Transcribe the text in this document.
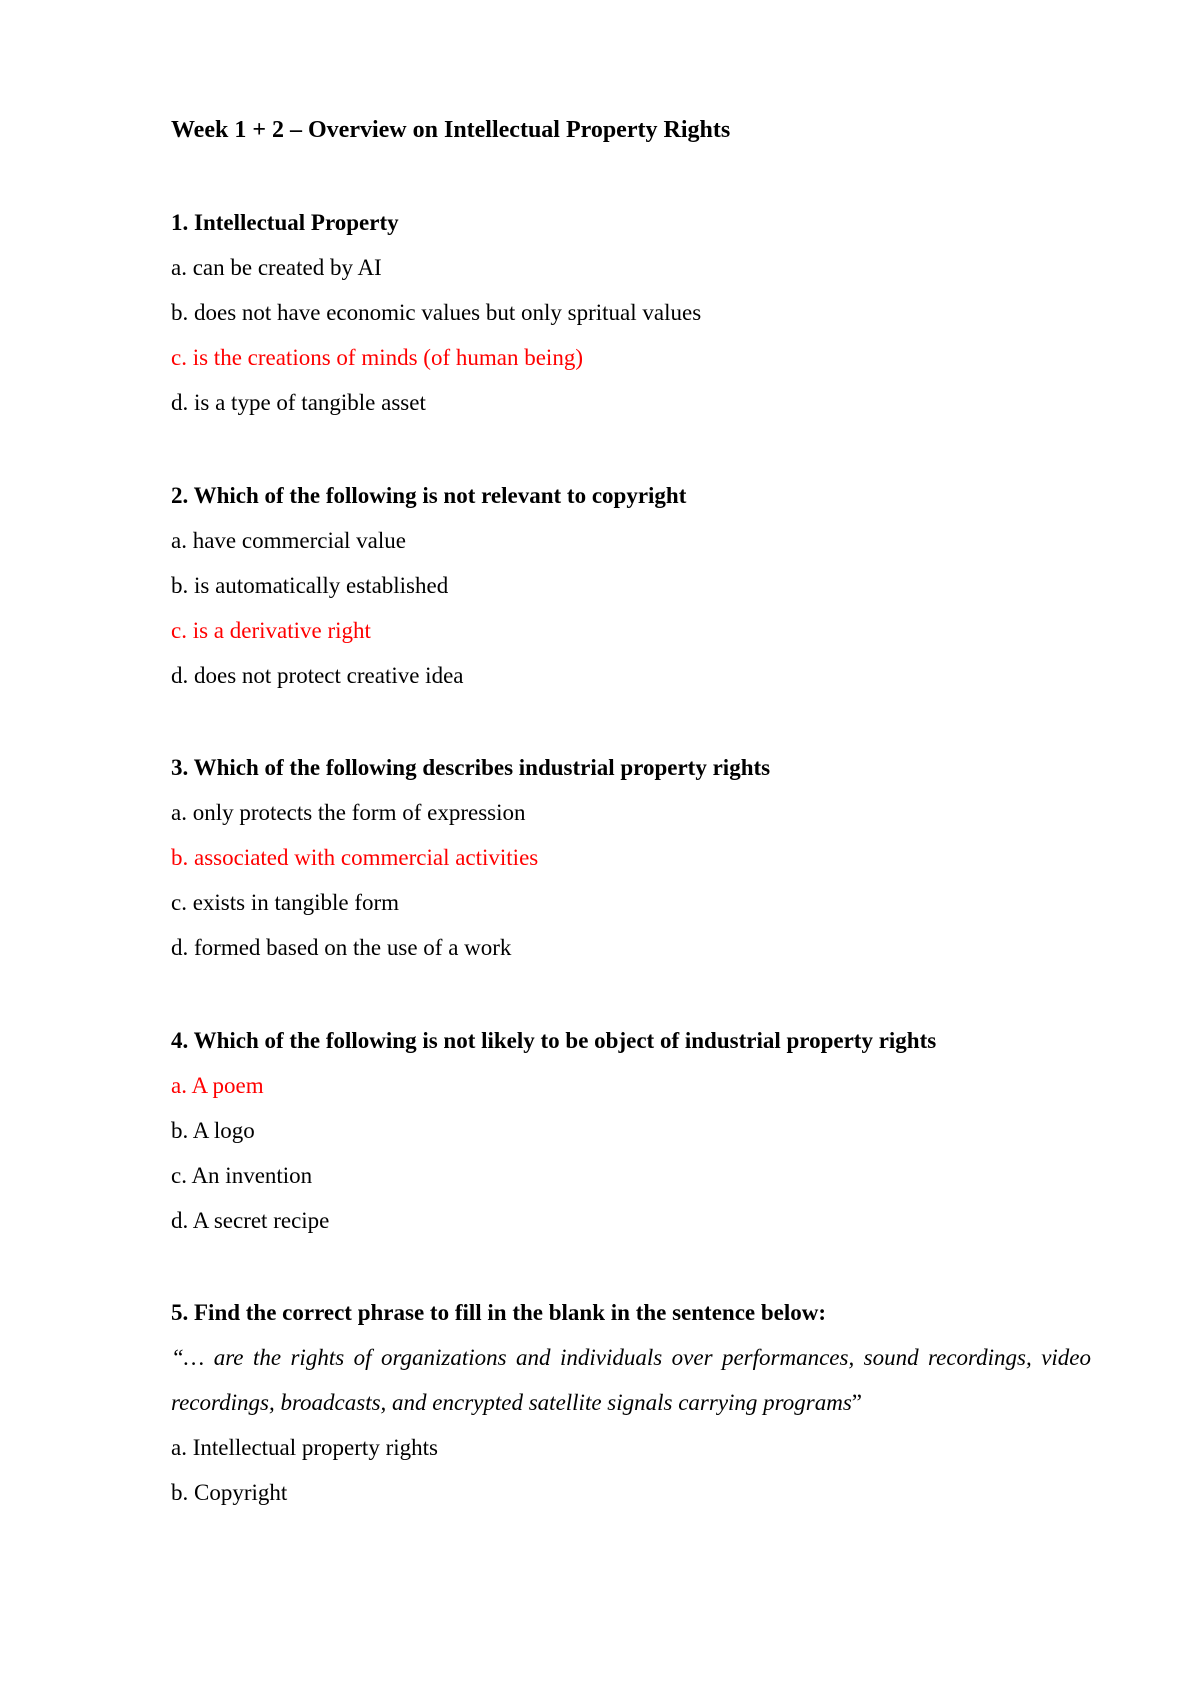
Week 1 + 2 – Overview on Intellectual Property Rights
1. Intellectual Property
a. can be created by AI
b. does not have economic values but only spritual values
c. is the creations of minds (of human being)
d. is a type of tangible asset
2. Which of the following is not relevant to copyright
a. have commercial value
b. is automatically established
c. is a derivative right
d. does not protect creative idea
3. Which of the following describes industrial property rights
a. only protects the form of expression
b. associated with commercial activities
c. exists in tangible form
d. formed based on the use of a work
4. Which of the following is not likely to be object of industrial property rights
a. A poem
b. A logo
c. An invention
d. A secret recipe
5. Find the correct phrase to fill in the blank in the sentence below:
“… are the rights of organizations and individuals over performances, sound recordings, video recordings, broadcasts, and encrypted satellite signals carrying programs”
a. Intellectual property rights
b. Copyright
